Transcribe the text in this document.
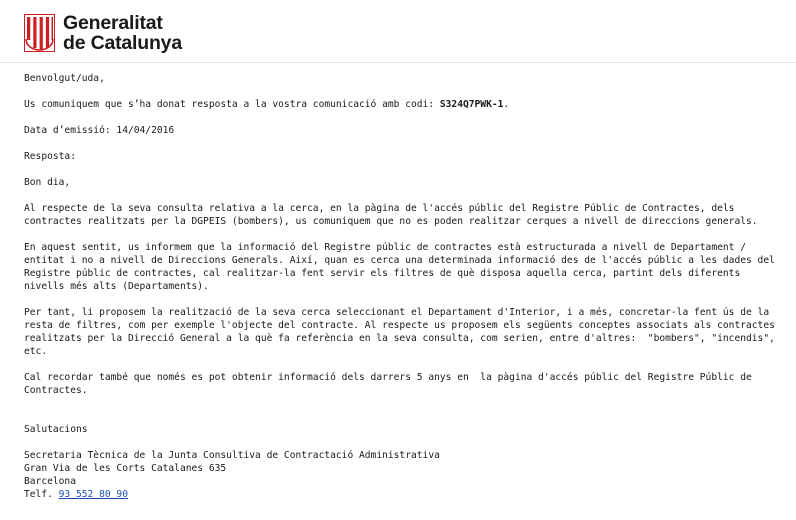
Generalitat
de Catalunya

Benvolgut/uda,

Us comuniquem que s’ha donat resposta a la vostra comunicació amb codi: S324Q7PWK-1.

Data d’emissió: 14/04/2016

Resposta:

Bon dia,

Al respecte de la seva consulta relativa a la cerca, en la pàgina de l'accés públic del Registre Públic de Contractes, dels contractes realitzats per la DGPEIS (bombers), us comuniquem que no es poden realitzar cerques a nivell de direccions generals.

En aquest sentit, us informem que la informació del Registre públic de contractes està estructurada a nivell de Departament / entitat i no a nivell de Direccions Generals. Així, quan es cerca una determinada informació des de l'accés públic a les dades del Registre públic de contractes, cal realitzar-la fent servir els filtres de què disposa aquella cerca, partint dels diferents nivells més alts (Departaments).

Per tant, li proposem la realització de la seva cerca seleccionant el Departament d'Interior, i a més, concretar-la fent ús de la resta de filtres, com per exemple l'objecte del contracte. Al respecte us proposem els següents conceptes associats als contractes realitzats per la Direcció General a la què fa referència en la seva consulta, com serien, entre d'altres:  "bombers", "incendis", etc.

Cal recordar també que només es pot obtenir informació dels darrers 5 anys en  la pàgina d'accés públic del Registre Públic de Contractes.

Salutacions

Secretaria Tècnica de la Junta Consultiva de Contractació Administrativa

Gran Via de les Corts Catalanes 635

Barcelona

Telf. 93 552 80 90
